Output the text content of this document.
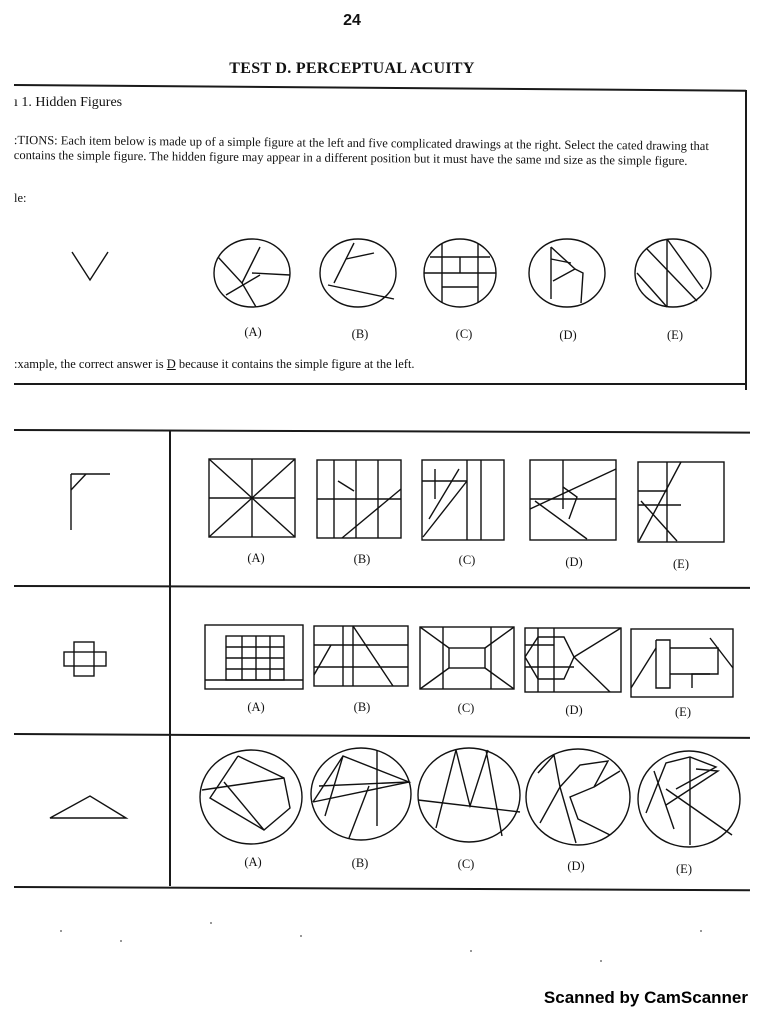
24
TEST D. PERCEPTUAL ACUITY
ı 1. Hidden Figures
:TIONS: Each item below is made up of a simple figure at the left and five complicated drawings at the right. Select the cated drawing that contains the simple figure. The hidden figure may appear in a different position but it must have the same ınd size as the simple figure.
le:
(A)	(B)	(C)	(D)	(E)
:xample, the correct answer is D because it contains the simple figure at the left.
(A)	(B)	(C)	(D)	(E)
(A)	(B)	(C)	(D)	(E)
(A)	(B)	(C)	(D)	(E)
Scanned by CamScanner
